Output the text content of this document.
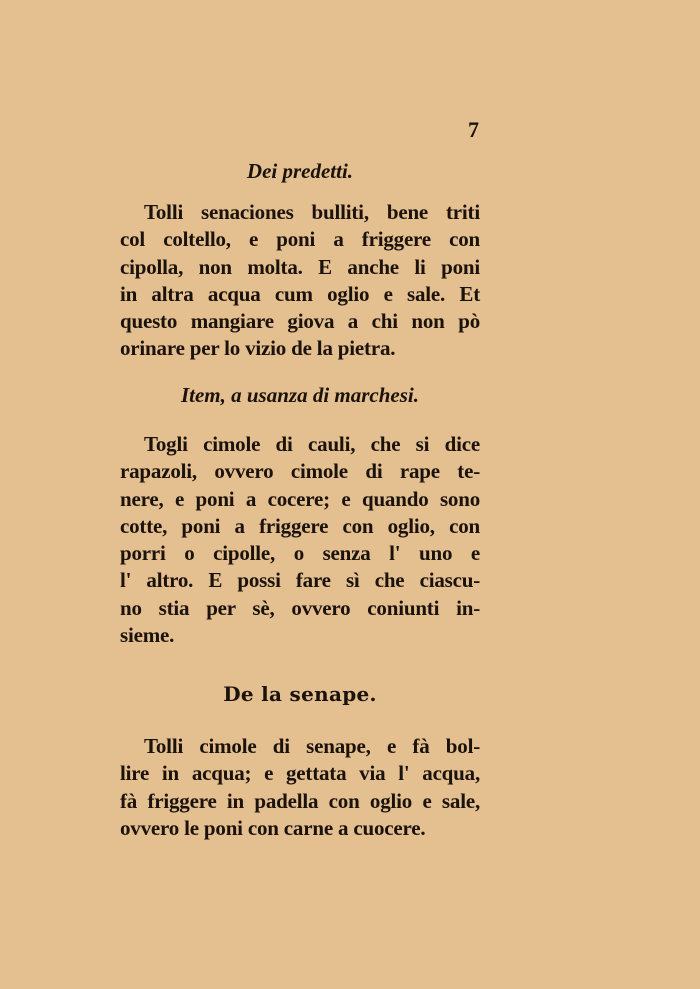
7
Dei predetti.
Tolli senaciones bulliti, bene triti
col coltello, e poni a friggere con
cipolla, non molta. E anche li poni
in altra acqua cum oglio e sale. Et
questo mangiare giova a chi non pò
orinare per lo vizio de la pietra.
Item, a usanza di marchesi.
Togli cimole di cauli, che si dice
rapazoli, ovvero cimole di rape te-
nere, e poni a cocere; e quando sono
cotte, poni a friggere con oglio, con
porri o cipolle, o senza l' uno e
l' altro. E possi fare sì che ciascu-
no stia per sè, ovvero coniunti in-
sieme.
De la senape.
Tolli cimole di senape, e fà bol-
lire in acqua; e gettata via l' acqua,
fà friggere in padella con oglio e sale,
ovvero le poni con carne a cuocere.
